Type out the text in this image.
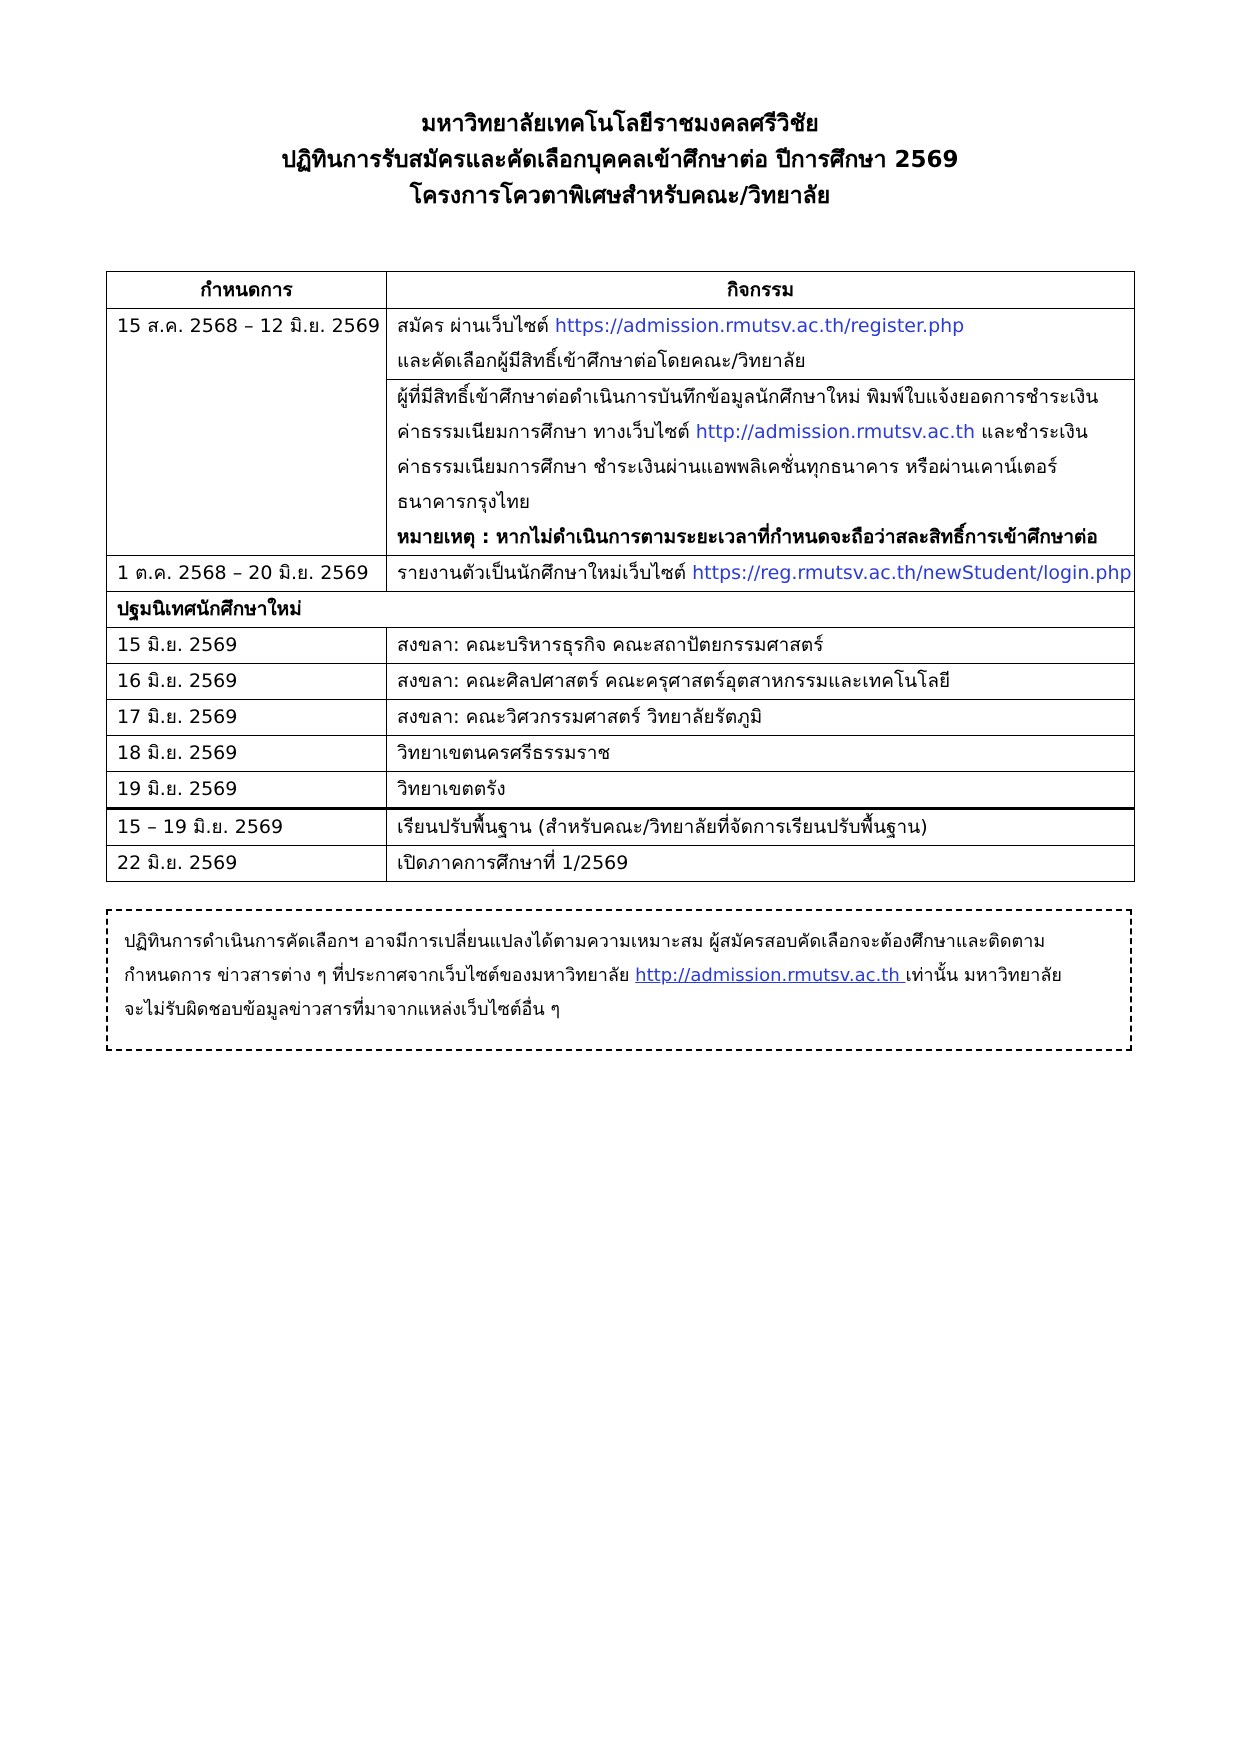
มหาวิทยาลัยเทคโนโลยีราชมงคลศรีวิชัย
ปฏิทินการรับสมัครและคัดเลือกบุคคลเข้าศึกษาต่อ ปีการศึกษา 2569
โครงการโควตาพิเศษสำหรับคณะ/วิทยาลัย
กำหนดการ	กิจกรรม
15 ส.ค. 2568 – 12 มิ.ย. 2569	สมัคร ผ่านเว็บไซต์ https://admission.rmutsv.ac.th/register.php
และคัดเลือกผู้มีสิทธิ์เข้าศึกษาต่อโดยคณะ/วิทยาลัย

	ผู้ที่มีสิทธิ์เข้าศึกษาต่อดำเนินการบันทึกข้อมูลนักศึกษาใหม่ พิมพ์ใบแจ้งยอดการชำระเงิน
ค่าธรรมเนียมการศึกษา ทางเว็บไซต์ http://admission.rmutsv.ac.th และชำระเงิน
ค่าธรรมเนียมการศึกษา ชำระเงินผ่านแอพพลิเคชั่นทุกธนาคาร หรือผ่านเคาน์เตอร์
ธนาคารกรุงไทย
หมายเหตุ : หากไม่ดำเนินการตามระยะเวลาที่กำหนดจะถือว่าสละสิทธิ์การเข้าศึกษาต่อ

1 ต.ค. 2568 – 20 มิ.ย. 2569	รายงานตัวเป็นนักศึกษาใหม่เว็บไซต์ https://reg.rmutsv.ac.th/newStudent/login.php
ปฐมนิเทศนักศึกษาใหม่	
15 มิ.ย. 2569	สงขลา: คณะบริหารธุรกิจ คณะสถาปัตยกรรมศาสตร์
16 มิ.ย. 2569	สงขลา: คณะศิลปศาสตร์ คณะครุศาสตร์อุตสาหกรรมและเทคโนโลยี
17 มิ.ย. 2569	สงขลา: คณะวิศวกรรมศาสตร์ วิทยาลัยรัตภูมิ
18 มิ.ย. 2569	วิทยาเขตนครศรีธรรมราช
19 มิ.ย. 2569	วิทยาเขตตรัง
15 – 19 มิ.ย. 2569	เรียนปรับพื้นฐาน (สำหรับคณะ/วิทยาลัยที่จัดการเรียนปรับพื้นฐาน)
22 มิ.ย. 2569	เปิดภาคการศึกษาที่ 1/2569
ปฏิทินการดำเนินการคัดเลือกฯ อาจมีการเปลี่ยนแปลงได้ตามความเหมาะสม ผู้สมัครสอบคัดเลือกจะต้องศึกษาและติดตาม
กำหนดการ ข่าวสารต่าง ๆ ที่ประกาศจากเว็บไซต์ของมหาวิทยาลัย http://admission.rmutsv.ac.th เท่านั้น มหาวิทยาลัย
จะไม่รับผิดชอบข้อมูลข่าวสารที่มาจากแหล่งเว็บไซต์อื่น ๆ
